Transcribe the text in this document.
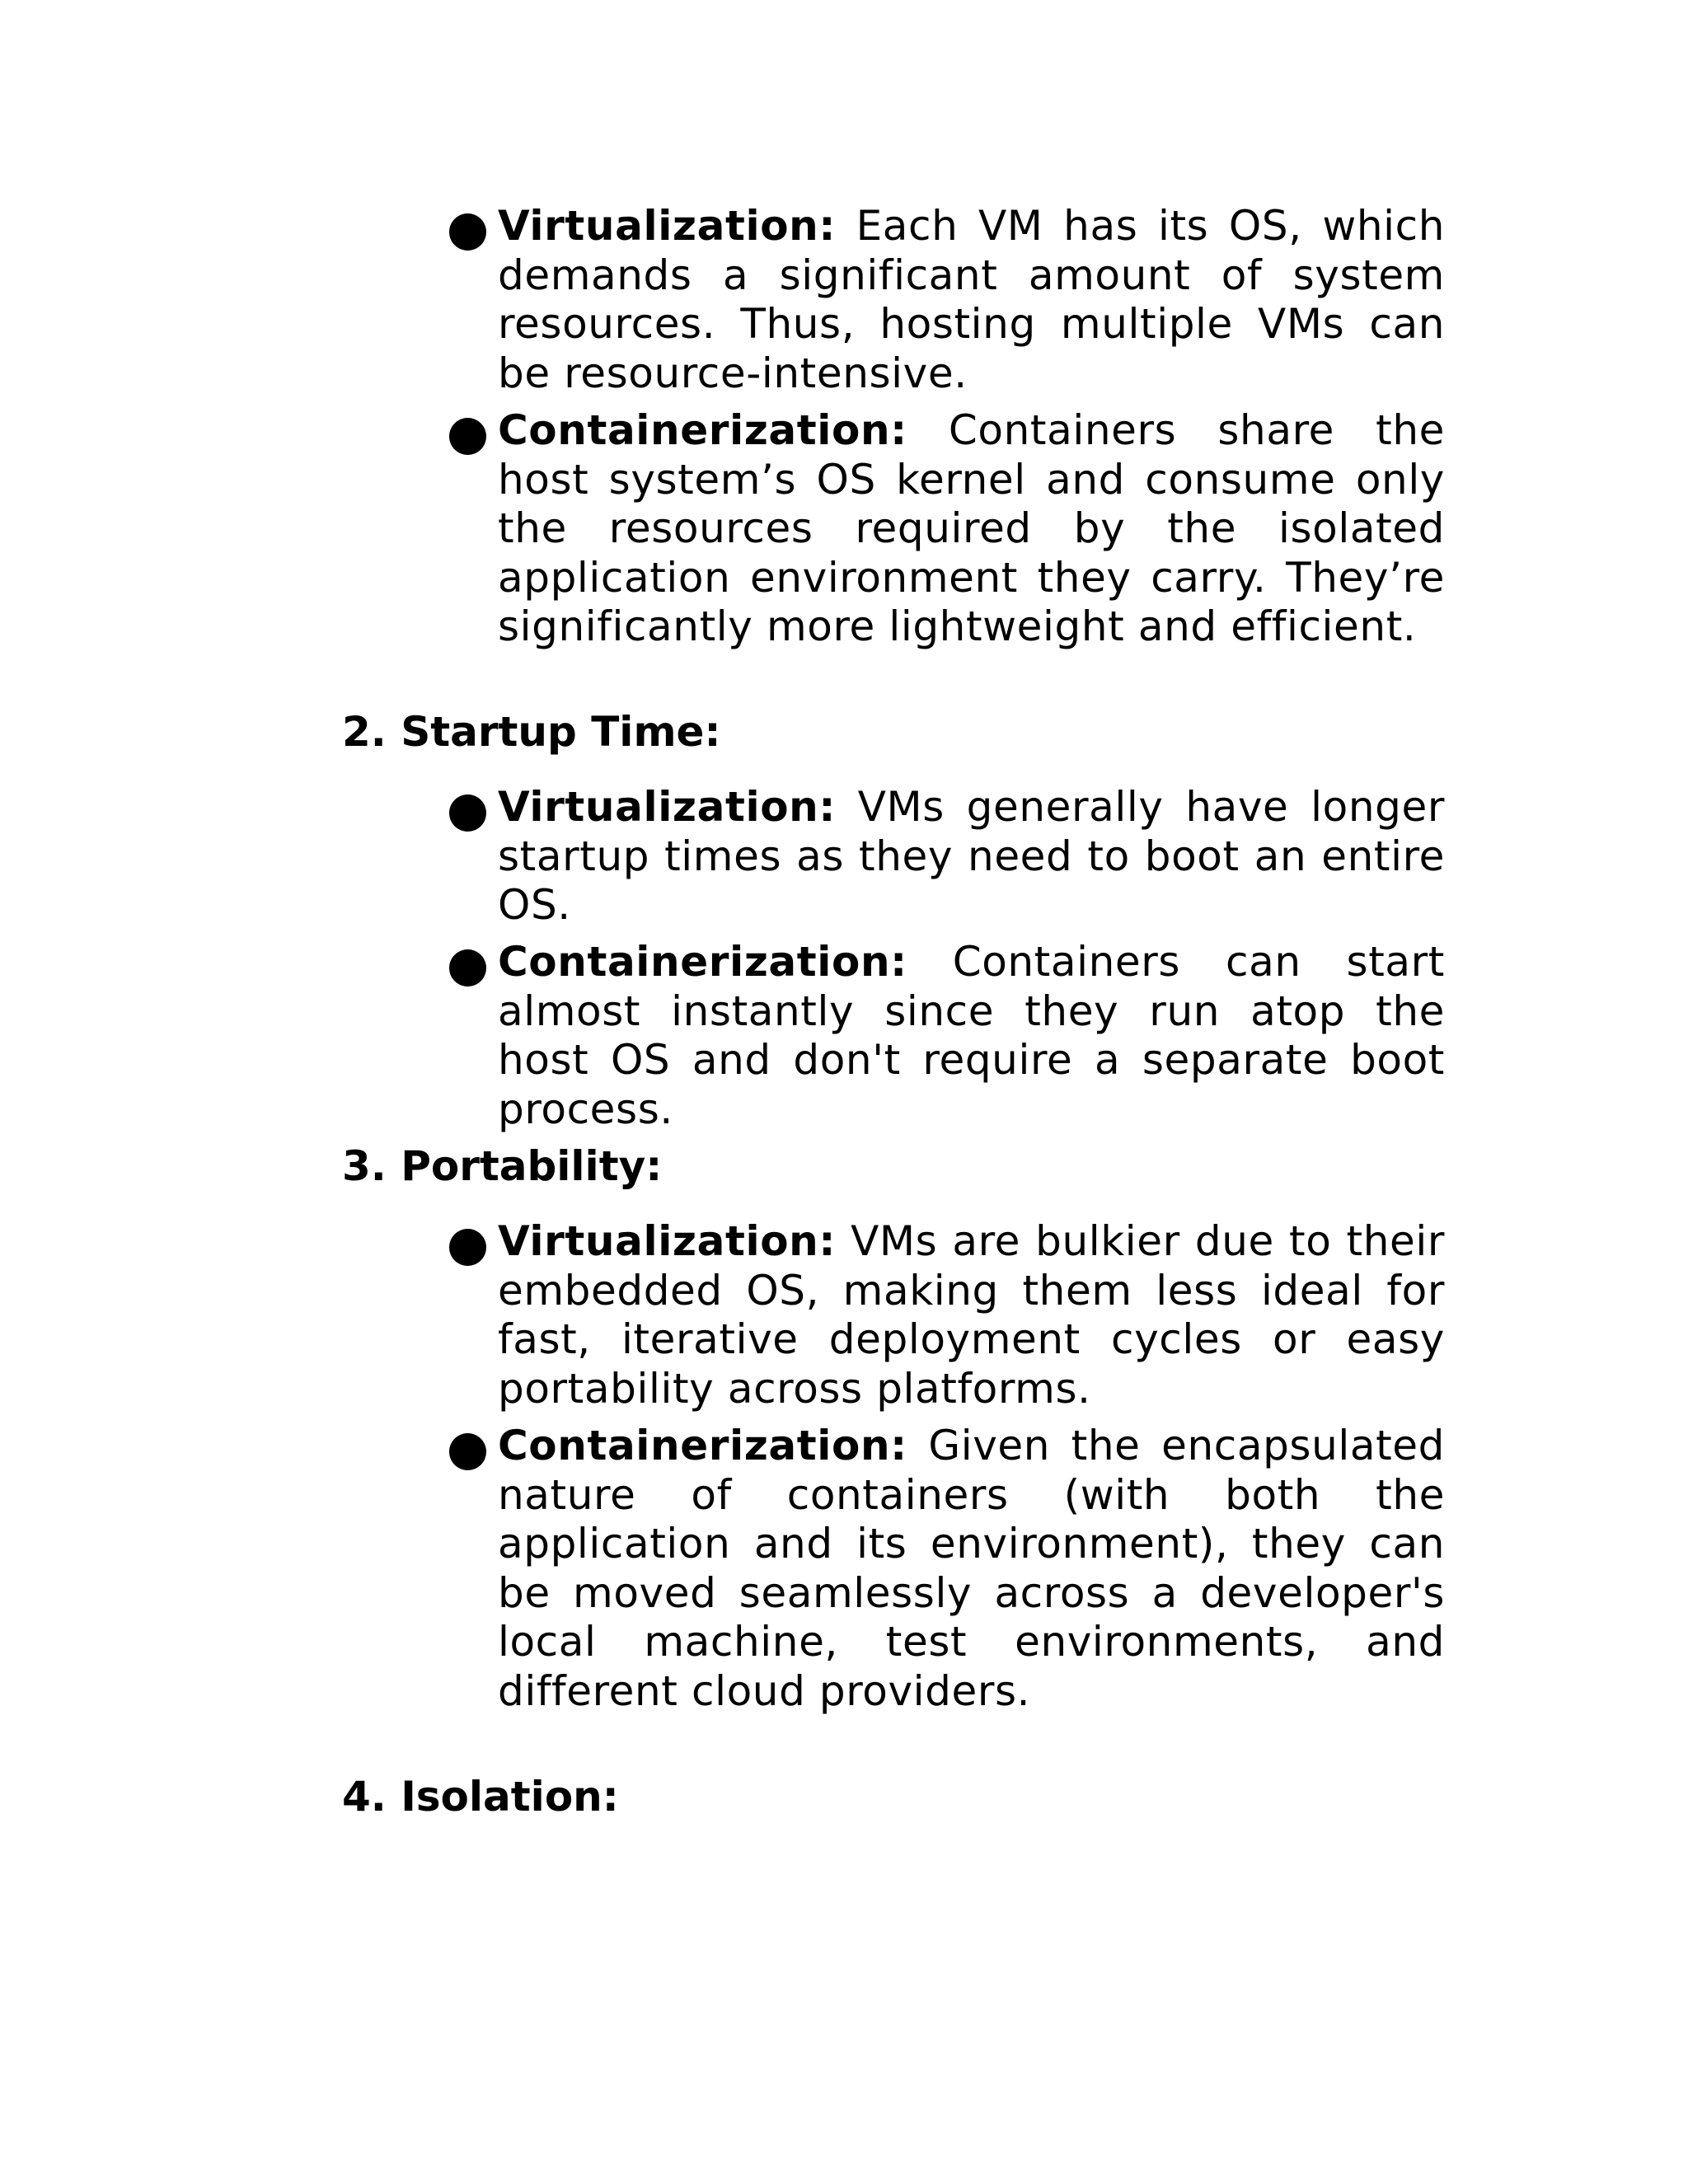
Virtualization: Each VM has its OS, which demands a significant amount of system resources. Thus, hosting multiple VMs can be resource-intensive.

Containerization: Containers share the host system’s OS kernel and consume only the resources required by the isolated application environment they carry. They’re significantly more lightweight and efficient.

2. Startup Time:

Virtualization: VMs generally have longer startup times as they need to boot an entire OS.

Containerization: Containers can start almost instantly since they run atop the host OS and don't require a separate boot process.

3. Portability:

Virtualization: VMs are bulkier due to their embedded OS, making them less ideal for fast, iterative deployment cycles or easy portability across platforms.

Containerization: Given the encapsulated nature of containers (with both the application and its environment), they can be moved seamlessly across a developer's local machine, test environments, and different cloud providers.

4. Isolation:
